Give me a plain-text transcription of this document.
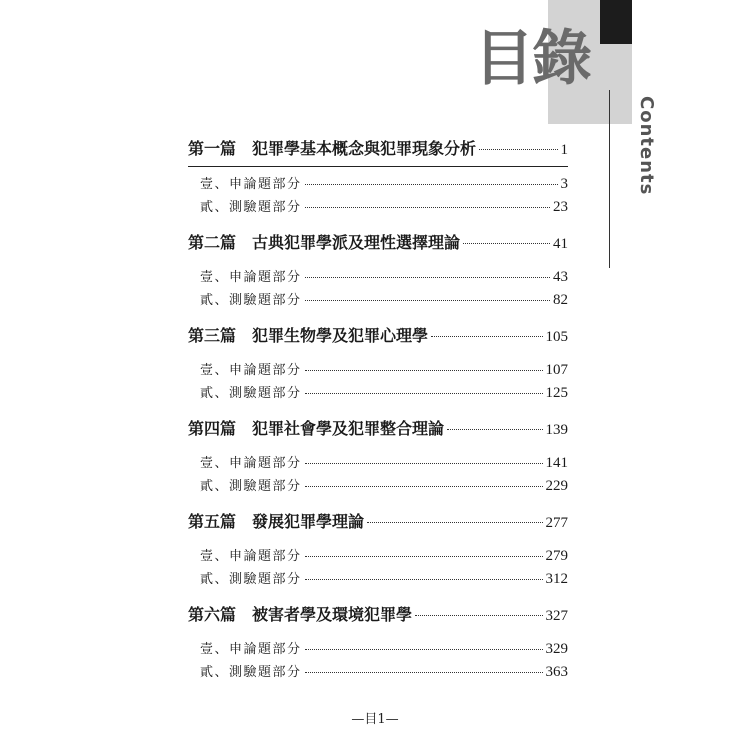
目錄
Contents
第一篇 犯罪學基本概念與犯罪現象分析	1
壹、申論題部分	3
貳、測驗題部分	23
第二篇 古典犯罪學派及理性選擇理論	41
壹、申論題部分	43
貳、測驗題部分	82
第三篇 犯罪生物學及犯罪心理學	105
壹、申論題部分	107
貳、測驗題部分	125
第四篇 犯罪社會學及犯罪整合理論	139
壹、申論題部分	141
貳、測驗題部分	229
第五篇 發展犯罪學理論	277
壹、申論題部分	279
貳、測驗題部分	312
第六篇 被害者學及環境犯罪學	327
壹、申論題部分	329
貳、測驗題部分	363
—目1—
